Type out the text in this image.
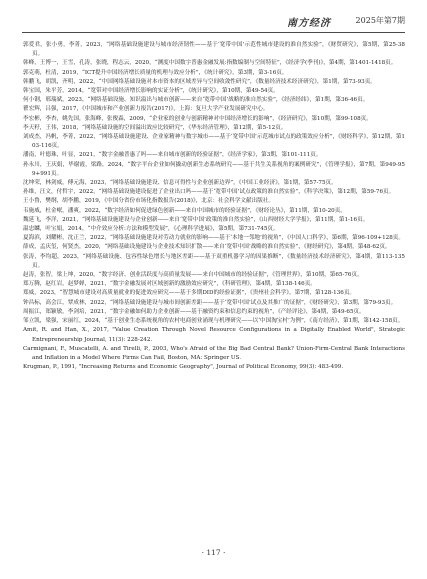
南方经济	2025年第7期

郭爱君，张小勇，李菁，2023，“网络基础设施建设与城市经济韧性——基于‘宽带中国’示范性城市建设的准自然实验”，《财贸研究》，第5期，第25-38页。

韩峰，王博一，王雪，孔涛，张晓，程志云，2020，“测度中国数字普惠金融发展:指数编制与空间特征”，《经济学(季刊)》，第4期，第1401-1418页。

郭克萌，杜清，2019，“ICT提升中国经济增长质量的机理与效应分析”，《统计研究》，第3期，第3-16页。

韩鹏飞，胡凯，齐明，2022，“中国网络基础设施对本市资本的区域差异与空间收敛性研究”，《数量经济技术经济研究》，第1期，第73-93页。

韩宝国，朱平芳，2014，“宽带对中国经济增长影响的实证分析”，《统计研究》，第10期，第49-54页。

何小钢，邢瑞斌，2023，“网络基础设施、知识溢出与城市创新——来自‘宽带中国’战略的准自然实验”，《经济经纬》，第1期，第36-46页。

瞿宏辉，吕强，2017，《中国城市和产业创新力报告(2017)》，上海：复旦大学产业发展研究中心。

李宏彬，李杏，姚先国，张海峰，张俊森，2009，“企业家的创业与创新精神对中国经济增长的影响”，《经济研究》，第10期，第99-108页。

李天籽，王伟，2018，“网络基础设施的空间溢出效应比较研究”，《华东经济管理》，第12期，第5-12页。

刘成杰，冯帆，李菁，2022，“网络基础设施建设、企业家精神与数字城市——基于‘宽带中国’示范城市试点的政策效应分析”，《财经科学》，第12期，第103-116页。

潘南，叶德珠，叶显，2021，“数字金融普惠了吗——来自城市创新的经验证据”，《经济学家》，第3期，第101-111页。

孙永川，王庆娟，毕谢霞，梁路，2024，“数字平台企业如何撬动创新生态系统研究——基于共生关系视角的案例研究”，《管理学报》，第7期，第949-959+991页。

沈坤荣，林剑威，傅元海，2023，“网络基础设施建设、信息可得性与企业创新边界”，《中国工业经济》，第1期，第57-75页。

孙维，汪文，付哲宇，2022，“网络基础设施建设促进了企业出口吗——基于‘宽带中国’试点政策的准自然实验”，《科学决策》，第12期，第59-76页。

王小鲁，樊纲，胡李鹏，2019，《中国分省份市场化指数报告(2018)》，北京：社会科学文献出版社。

韦施威，杜金岷，潘爽，2022，“数字经济如何促进绿色创新——来自中国城市的经验证据”，《财经论丛》，第11期，第10-20页。

魏延飞，李洋，2021，“网络基础设施建设与企业创新——来自‘宽带中国’政策的准自然实验”，《山西财经大学学报》，第11期，第1-16页。

温忠麟，叶宝娟，2014，“中介效应分析:方法和模型发展”，《心理科学进展》，第5期，第731-745页。

夏海滨，刘耀彬，沈正兰，2022，“网络基础设施建设对劳动力就业的影响——基于‘本地一邻地’的视角”，《中国人口科学》，第6期，第96-109+128页。

薛成，孟庆玺，何贤杰，2020，“网络基础设施建设与企业技术知识扩散——来自‘宽带中国’战略的准自然实验”，《财经研究》，第4期，第48-62页。

张涛，李均超，2023，“网络基础设施、包容性绿色增长与地区差距——基于双重机器学习的因果推断”，《数量经济技术经济研究》，第4期，第113-135页。

赵涛，张智，梁上坤，2020，“数字经济、创业活跃度与高质量发展——来自中国城市的经验证据”，《管理世界》，第10期，第65-76页。

郑万腾，赵红岩，赵梦婵，2021，“数字金融发展对区域创新的激励效应研究”，《科研管理》，第4期，第138-146页。

郑威，2023，“智慧城市建设对高质量就业的促进效应研究——基于多期DID的经验证据”，《贵州社会科学》，第7期，第128-136页。

钟昌标，高会江，覃成林，2022，“网络基础设施建设与城市间创新差距——基于‘宽带中国’试点及其推广的证据”，《财经研究》，第3期，第79-93页。

周振江，郑颖敏，李剑培，2021，“数字金融如何助力企业创新——基于融资约束和信息约束的视角”，《产经评论》，第4期，第49-65页。

邹立凯，梁强，宋丽红，2024，“基于创业生态系统视角的农村电商创业涌现与机理研究——以‘中国淘宝村’为例”，《南方经济》，第1期，第142-158页。

Amit, R. and Han, X., 2017, "Value Creation Through Novel Resource Configurations in a Digitally Enabled World", Strategic Entrepreneurship Journal, 11(3): 228-242.

Carmignani, F., Muscatelli, A. and Tirelli, P., 2003, Who's Afraid of the Big Bad Central Bank? Union-Firm-Central Bank Interactions and Inflation in a Model Where Firms Can Fail, Boston, MA: Springer US.

Krugman, P., 1991, "Increasing Returns and Economic Geography", Journal of Political Economy, 99(3): 483-499.

· 117 ·
